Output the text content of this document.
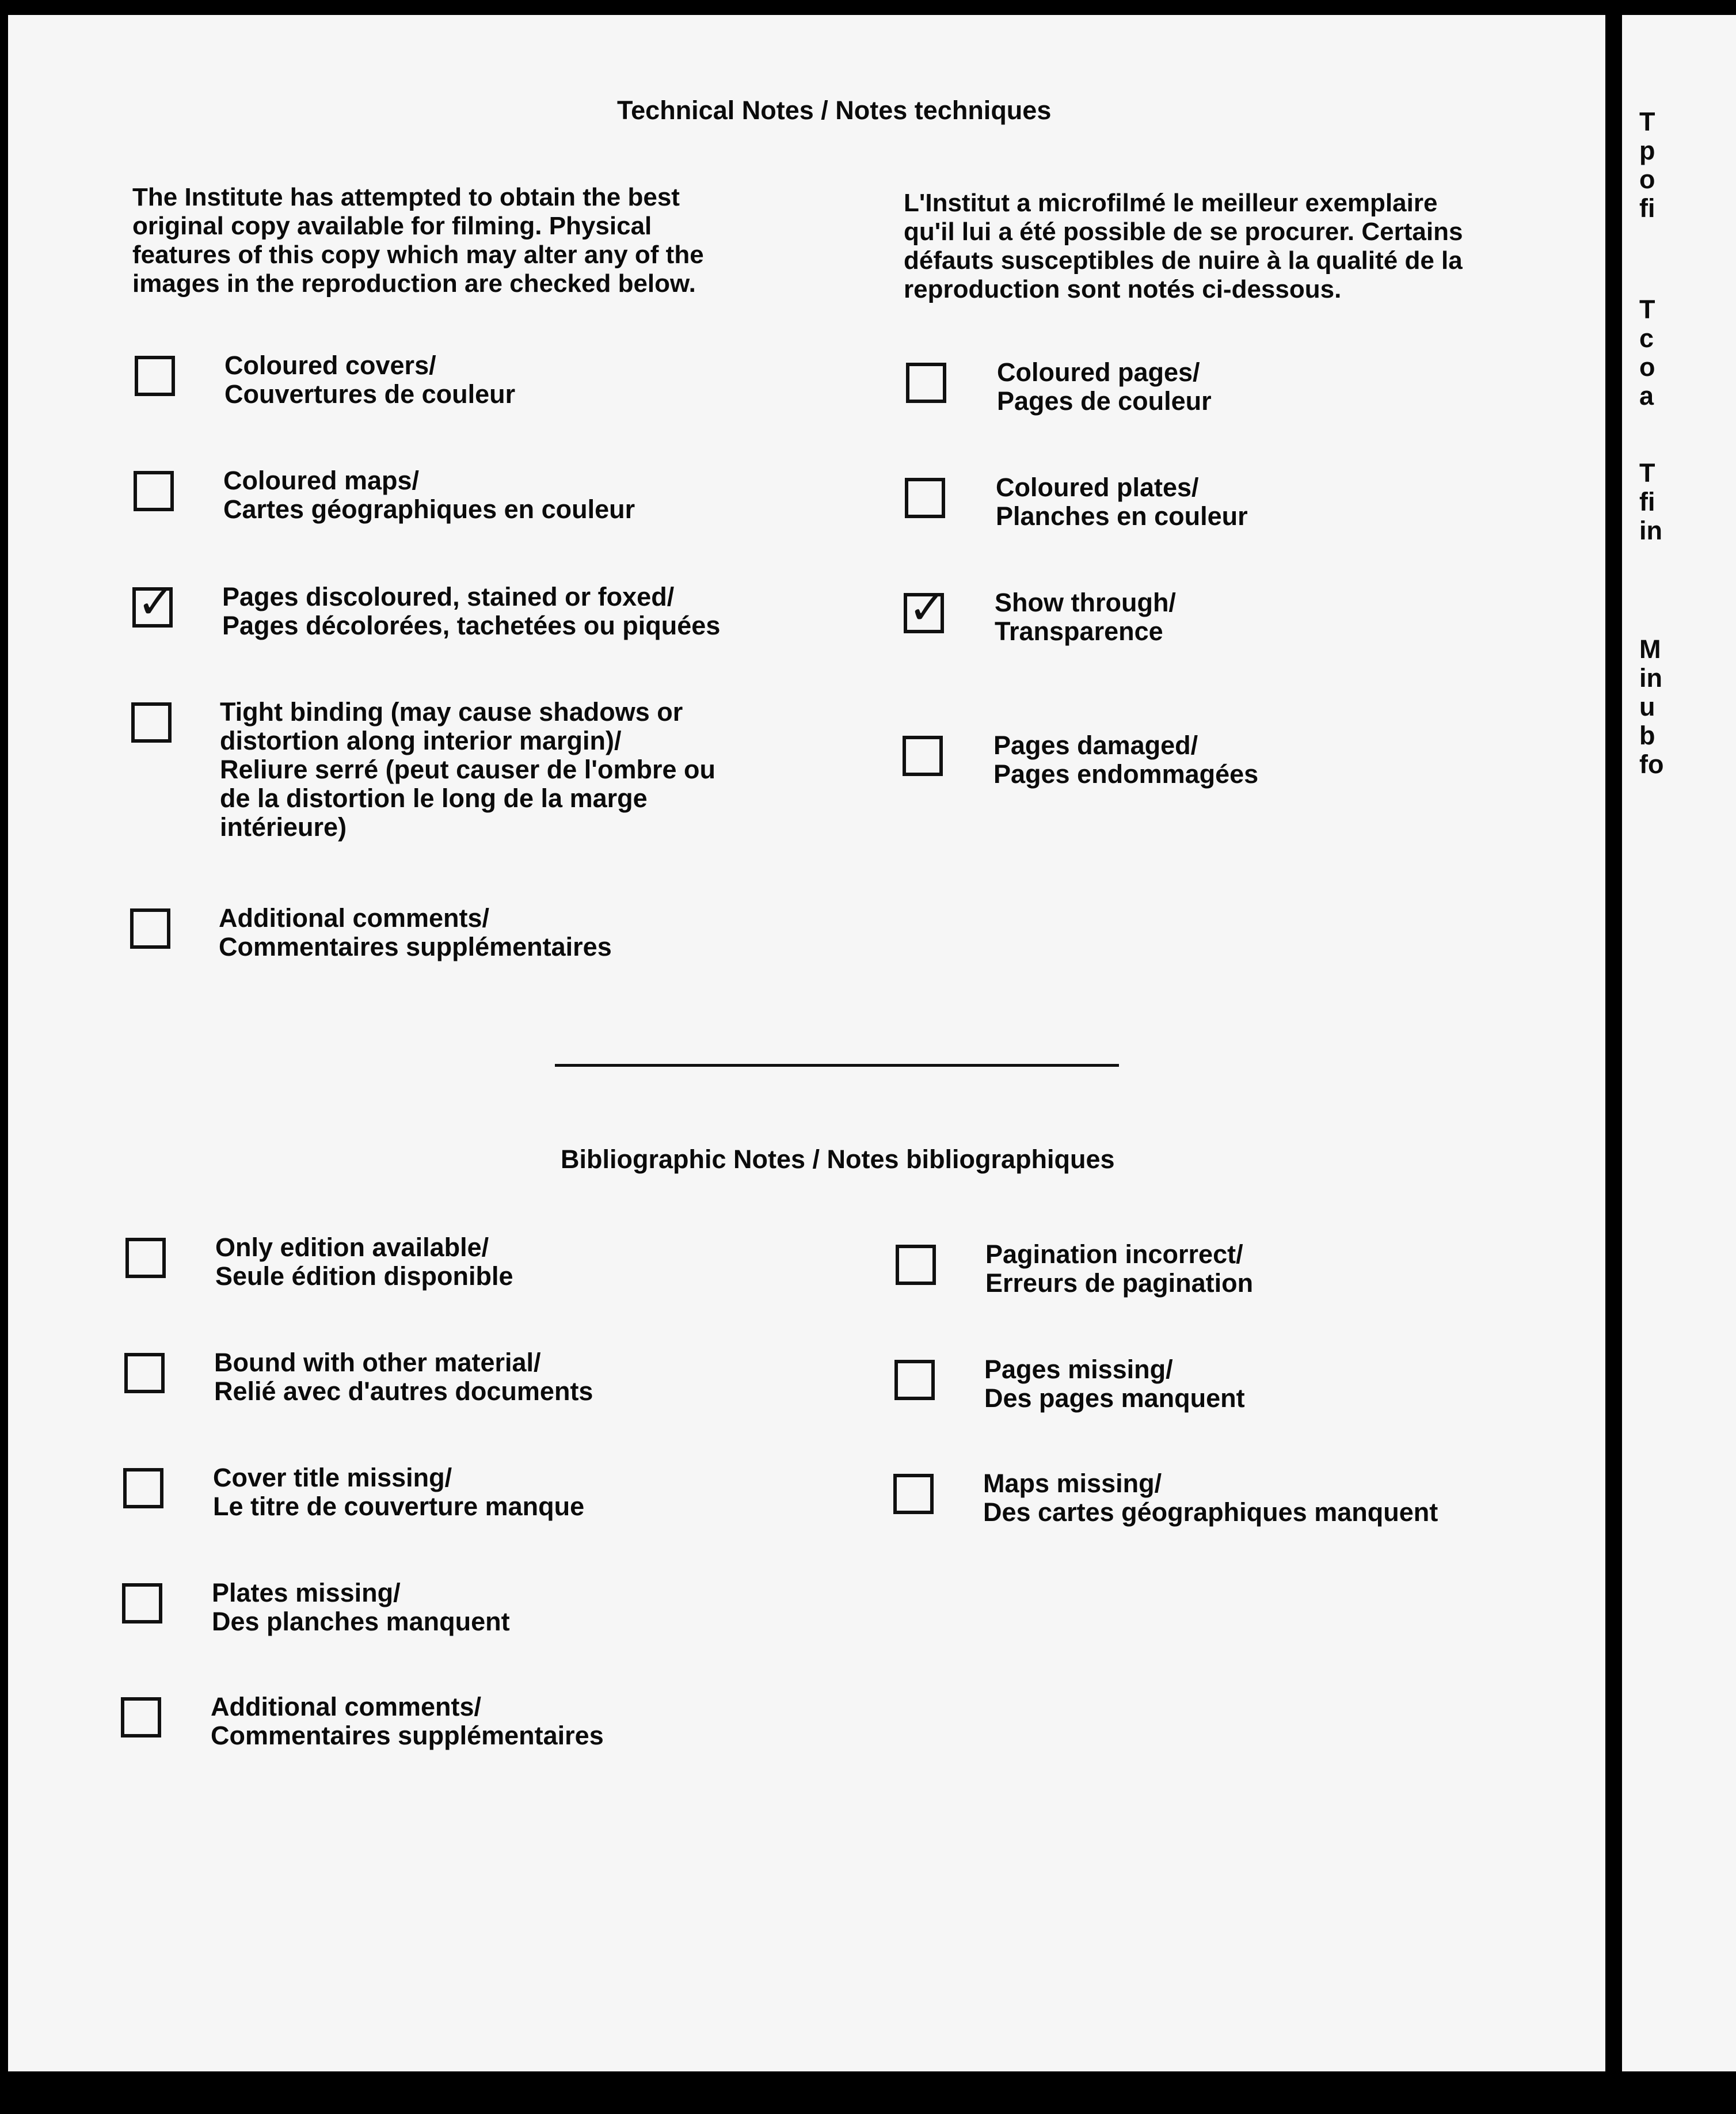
Technical Notes / Notes techniques
The Institute has attempted to obtain the best
original copy available for filming. Physical
features of this copy which may alter any of the
images in the reproduction are checked below.
L'Institut a microfilmé le meilleur exemplaire
qu'il lui a été possible de se procurer. Certains
défauts susceptibles de nuire à la qualité de la
reproduction sont notés ci-dessous.
Coloured covers/
Couvertures de couleur
Coloured maps/
Cartes géographiques en couleur
✓ Pages discoloured, stained or foxed/
Pages décolorées, tachetées ou piquées
Tight binding (may cause shadows or
distortion along interior margin)/
Reliure serré (peut causer de l'ombre ou
de la distortion le long de la marge
intérieure)
Additional comments/
Commentaires supplémentaires
Coloured pages/
Pages de couleur
Coloured plates/
Planches en couleur
✓ Show through/
Transparence
Pages damaged/
Pages endommagées
Bibliographic Notes / Notes bibliographiques
Only edition available/
Seule édition disponible
Bound with other material/
Relié avec d'autres documents
Cover title missing/
Le titre de couverture manque
Plates missing/
Des planches manquent
Additional comments/
Commentaires supplémentaires
Pagination incorrect/
Erreurs de pagination
Pages missing/
Des pages manquent
Maps missing/
Des cartes géographiques manquent
T
p
o
fi
T
c
o
a
T
fi
in
M
in
u
b
fo
